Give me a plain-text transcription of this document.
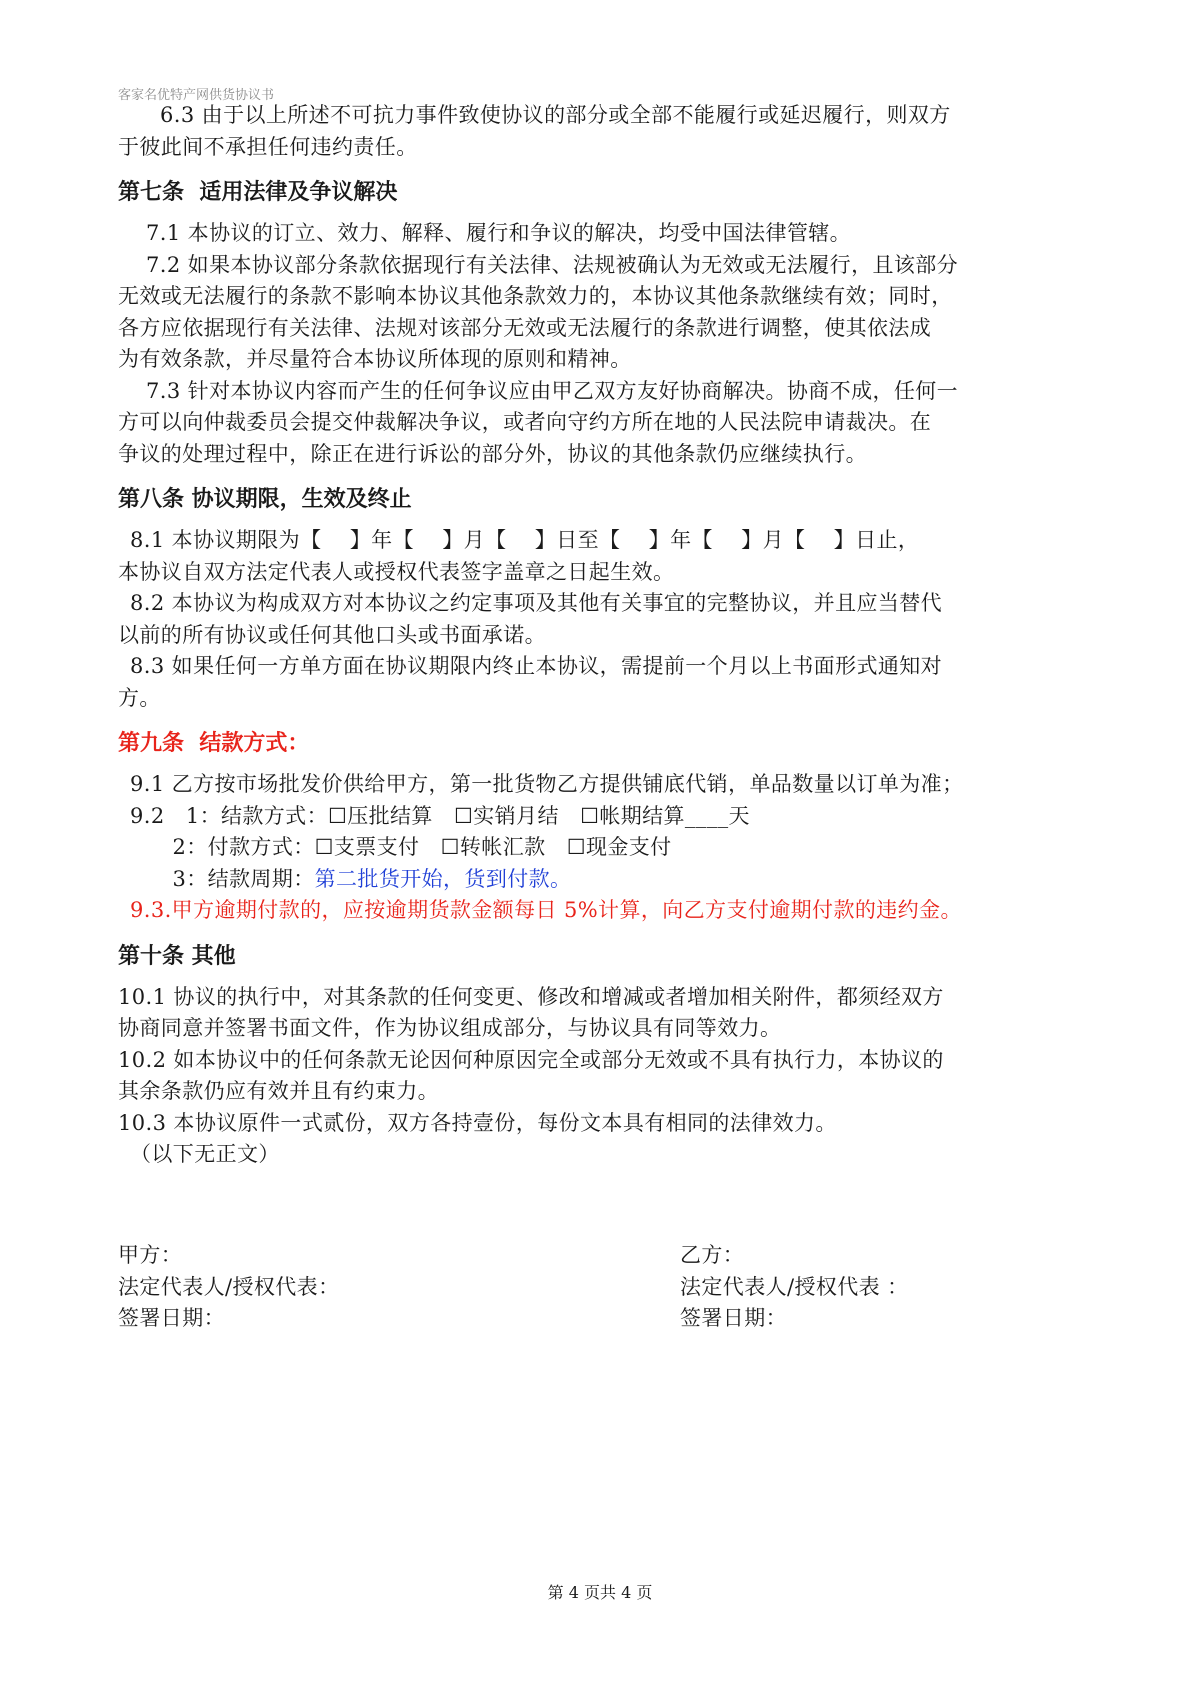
客家名优特产网供货协议书

6.3 由于以上所述不可抗力事件致使协议的部分或全部不能履行或延迟履行，则双方

于彼此间不承担任何违约责任。

第七条  适用法律及争议解决

7.1 本协议的订立、效力、解释、履行和争议的解决，均受中国法律管辖。

7.2 如果本协议部分条款依据现行有关法律、法规被确认为无效或无法履行，且该部分

无效或无法履行的条款不影响本协议其他条款效力的，本协议其他条款继续有效；同时，

各方应依据现行有关法律、法规对该部分无效或无法履行的条款进行调整，使其依法成

为有效条款，并尽量符合本协议所体现的原则和精神。

7.3 针对本协议内容而产生的任何争议应由甲乙双方友好协商解决。协商不成，任何一

方可以向仲裁委员会提交仲裁解决争议，或者向守约方所在地的人民法院申请裁决。在

争议的处理过程中，除正在进行诉讼的部分外，协议的其他条款仍应继续执行。

第八条 协议期限，生效及终止

8.1 本协议期限为【    】年【    】月【    】日至【    】年【    】月【    】日止，

本协议自双方法定代表人或授权代表签字盖章之日起生效。

8.2 本协议为构成双方对本协议之约定事项及其他有关事宜的完整协议，并且应当替代

以前的所有协议或任何其他口头或书面承诺。

8.3 如果任何一方单方面在协议期限内终止本协议，需提前一个月以上书面形式通知对

方。

第九条  结款方式：

9.1 乙方按市场批发价供给甲方，第一批货物乙方提供铺底代销，单品数量以订单为准；

9.2   1：结款方式：☐压批结算   ☐实销月结   ☐帐期结算____天

2：付款方式：☐支票支付   ☐转帐汇款   ☐现金支付

3：结款周期：第二批货开始，货到付款。

9.3.甲方逾期付款的，应按逾期货款金额每日 5%计算，向乙方支付逾期付款的违约金。

第十条 其他

10.1 协议的执行中，对其条款的任何变更、修改和增减或者增加相关附件，都须经双方

协商同意并签署书面文件，作为协议组成部分，与协议具有同等效力。

10.2 如本协议中的任何条款无论因何种原因完全或部分无效或不具有执行力，本协议的

其余条款仍应有效并且有约束力。

10.3 本协议原件一式贰份，双方各持壹份，每份文本具有相同的法律效力。

（以下无正文）

甲方：

法定代表人/授权代表：

签署日期：

乙方：

法定代表人/授权代表 ：

签署日期：

第 4 页共 4 页
